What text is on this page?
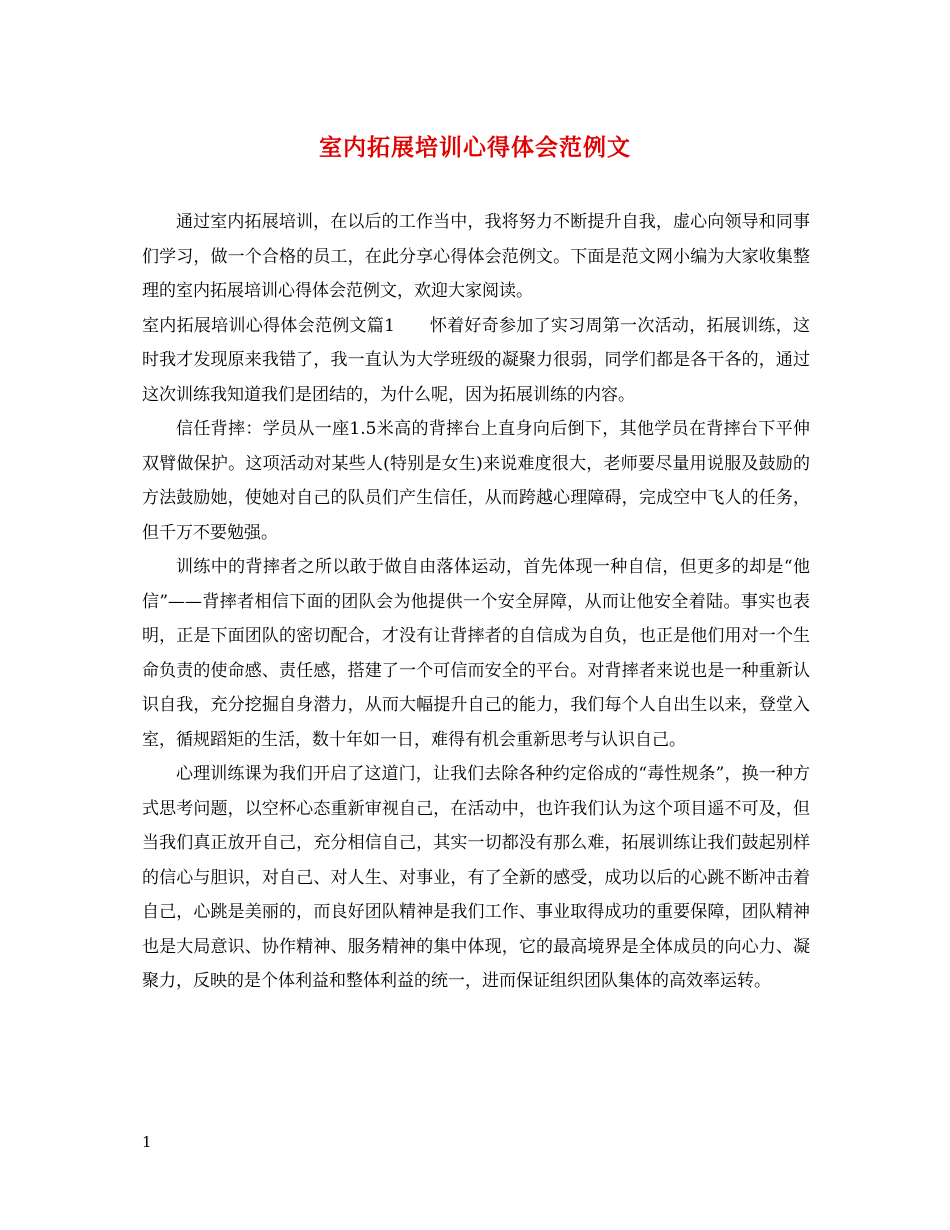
室内拓展培训心得体会范例文

通过室内拓展培训，在以后的工作当中，我将努力不断提升自我，虚心向领导和同事们学习，做一个合格的员工，在此分享心得体会范例文。下面是范文网小编为大家收集整理的室内拓展培训心得体会范例文，欢迎大家阅读。

室内拓展培训心得体会范例文篇1　　怀着好奇参加了实习周第一次活动，拓展训练，这时我才发现原来我错了，我一直认为大学班级的凝聚力很弱，同学们都是各干各的，通过这次训练我知道我们是团结的，为什么呢，因为拓展训练的内容。

信任背摔：学员从一座1.5米高的背摔台上直身向后倒下，其他学员在背摔台下平伸双臂做保护。这项活动对某些人(特别是女生)来说难度很大，老师要尽量用说服及鼓励的方法鼓励她，使她对自己的队员们产生信任，从而跨越心理障碍，完成空中飞人的任务，但千万不要勉强。

训练中的背摔者之所以敢于做自由落体运动，首先体现一种自信，但更多的却是“他信”——背摔者相信下面的团队会为他提供一个安全屏障，从而让他安全着陆。事实也表明，正是下面团队的密切配合，才没有让背摔者的自信成为自负，也正是他们用对一个生命负责的使命感、责任感，搭建了一个可信而安全的平台。对背摔者来说也是一种重新认识自我，充分挖掘自身潜力，从而大幅提升自己的能力，我们每个人自出生以来，登堂入室，循规蹈矩的生活，数十年如一日，难得有机会重新思考与认识自己。

心理训练课为我们开启了这道门，让我们去除各种约定俗成的“毒性规条”，换一种方式思考问题，以空杯心态重新审视自己，在活动中，也许我们认为这个项目遥不可及，但当我们真正放开自己，充分相信自己，其实一切都没有那么难，拓展训练让我们鼓起别样的信心与胆识，对自己、对人生、对事业，有了全新的感受，成功以后的心跳不断冲击着自己，心跳是美丽的，而良好团队精神是我们工作、事业取得成功的重要保障，团队精神也是大局意识、协作精神、服务精神的集中体现，它的最高境界是全体成员的向心力、凝聚力，反映的是个体利益和整体利益的统一，进而保证组织团队集体的高效率运转。

1
